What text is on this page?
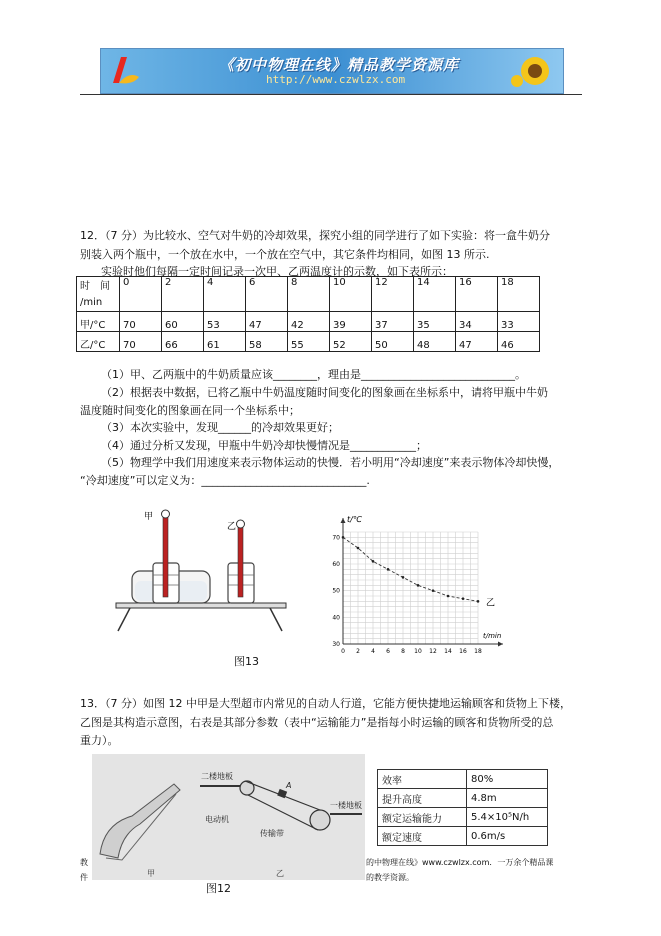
《初中物理在线》精品教学资源库
http://www.czwlzx.com
12．（7 分）为比较水、空气对牛奶的冷却效果，探究小组的同学进行了如下实验：将一盒牛奶分
别装入两个瓶中，一个放在水中，一个放在空气中，其它条件均相同，如图 13 所示.
实验时他们每隔一定时间记录一次甲、乙两温度计的示数，如下表所示：
时　间
/min	0	2	4	6	8	10	12	14	16	18
甲/°C	70	60	53	47	42	39	37	35	34	33
乙/°C	70	66	61	58	55	52	50	48	47	46
（1）甲、乙两瓶中的牛奶质量应该________，理由是____________________________。
（2）根据表中数据，已将乙瓶中牛奶温度随时间变化的图象画在坐标系中，请将甲瓶中牛奶
温度随时间变化的图象画在同一个坐标系中；
（3）本次实验中，发现______的冷却效果更好；
（4）通过分析又发现，甲瓶中牛奶冷却快慢情况是____________；
（5）物理学中我们用速度来表示物体运动的快慢．若小明用“冷却速度”来表示物体冷却快慢，
“冷却速度”可以定义为：______________________________.
甲
乙
图13
0 2 4 6 8 10 12 14 16 18
30
40
50
60
70
t/℃
t/min
乙
13．（7 分）如图 12 中甲是大型超市内常见的自动人行道，它能方便快捷地运输顾客和货物上下楼，
乙图是其构造示意图，右表是其部分参数（表中“运输能力”是指每小时运输的顾客和货物所受的总
重力）。
甲
二楼地板
A
一楼地板
电动机
传输带
乙
效率	80%
提升高度	4.8m
额定运输能力	5.4×10⁵N/h
额定速度	0.6m/s
教	的中物理在线》www.czwlzx.com．一万余个精品课
件	的教学资源。
图12
